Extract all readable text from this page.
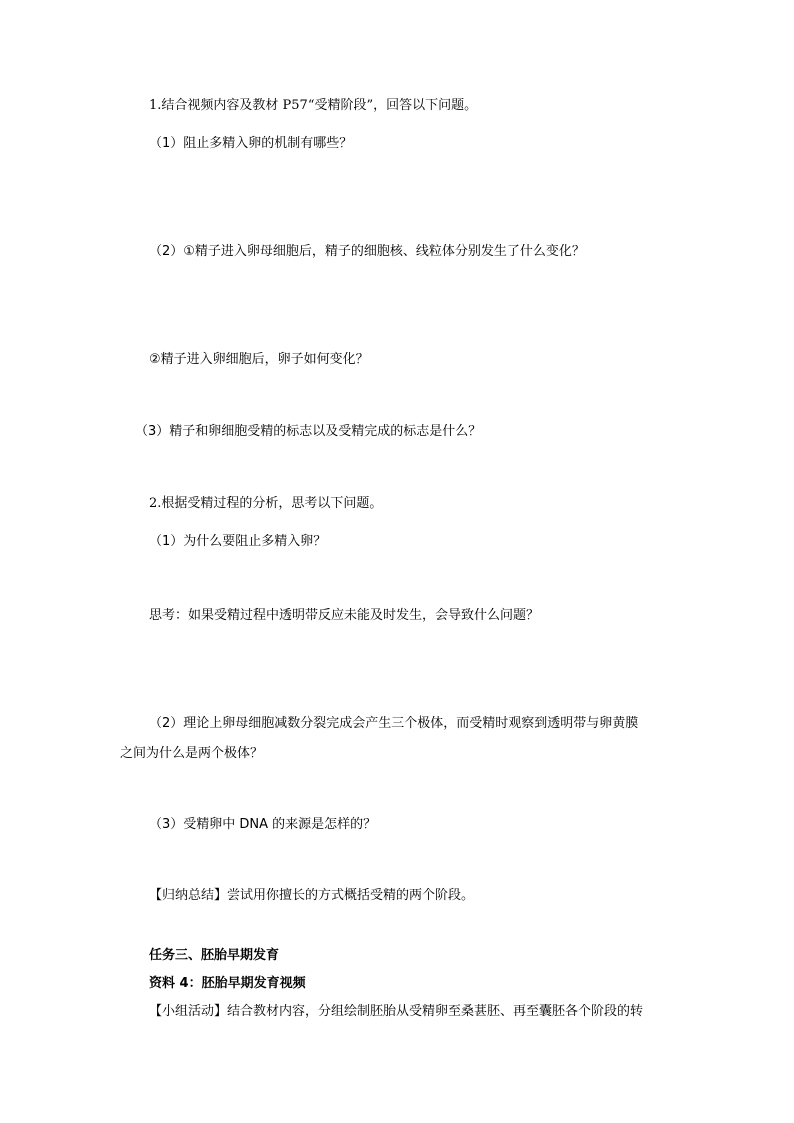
1.结合视频内容及教材 P57“受精阶段”，回答以下问题。
（1）阻止多精入卵的机制有哪些？
（2）①精子进入卵母细胞后，精子的细胞核、线粒体分别发生了什么变化？
②精子进入卵细胞后，卵子如何变化？
（3）精子和卵细胞受精的标志以及受精完成的标志是什么？
2.根据受精过程的分析，思考以下问题。
（1）为什么要阻止多精入卵？
思考：如果受精过程中透明带反应未能及时发生，会导致什么问题？
（2）理论上卵母细胞减数分裂完成会产生三个极体，而受精时观察到透明带与卵黄膜
之间为什么是两个极体？
（3）受精卵中 DNA 的来源是怎样的？
【归纳总结】尝试用你擅长的方式概括受精的两个阶段。
任务三、胚胎早期发育
资料 4：胚胎早期发育视频
【小组活动】结合教材内容，分组绘制胚胎从受精卵至桑葚胚、再至囊胚各个阶段的转
